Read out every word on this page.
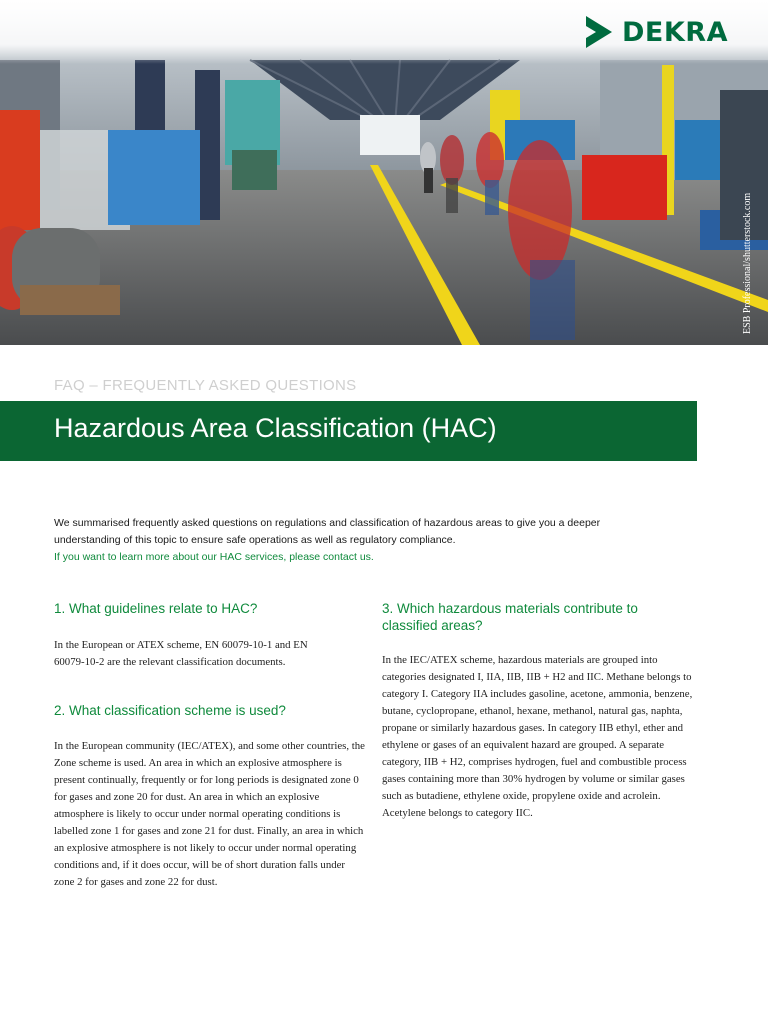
ESB Professional/shutterstock.com
DEKRA
FAQ – FREQUENTLY ASKED QUESTIONS
Hazardous Area Classification (HAC)

We summarised frequently asked questions on regulations and classification of hazardous areas to give you a deeper understanding of this topic to ensure safe operations as well as regulatory compliance.

If you want to learn more about our HAC services, please contact us.
1. What guidelines relate to HAC?
In the European or ATEX scheme, EN 60079-10-1 and EN 60079-10-2 are the relevant classification documents.
2. What classification scheme is used?
In the European community (IEC/ATEX), and some other countries, the Zone scheme is used. An area in which an explosive atmosphere is present continually, frequently or for long periods is designated zone 0 for gases and zone 20 for dust. An area in which an explosive atmosphere is likely to occur under normal operating conditions is labelled zone 1 for gases and zone 21 for dust. Finally, an area in which an explosive atmosphere is not likely to occur under normal operating conditions and, if it does occur, will be of short duration falls under zone 2 for gases and zone 22 for dust.
3. Which hazardous materials contribute to classified areas?
In the IEC/ATEX scheme, hazardous materials are grouped into categories designated I, IIA, IIB, IIB + H2 and IIC. Methane belongs to category I. Category IIA includes gasoline, acetone, ammonia, benzene, butane, cyclopropane, ethanol, hexane, methanol, natural gas, naphta, propane or similarly hazardous gases. In category IIB ethyl, ether and ethylene or gases of an equivalent hazard are grouped. A separate category, IIB + H2, comprises hydrogen, fuel and combustible process gases containing more than 30% hydrogen by volume or similar gases such as butadiene, ethylene oxide, propylene oxide and acrolein. Acetylene belongs to category IIC.
